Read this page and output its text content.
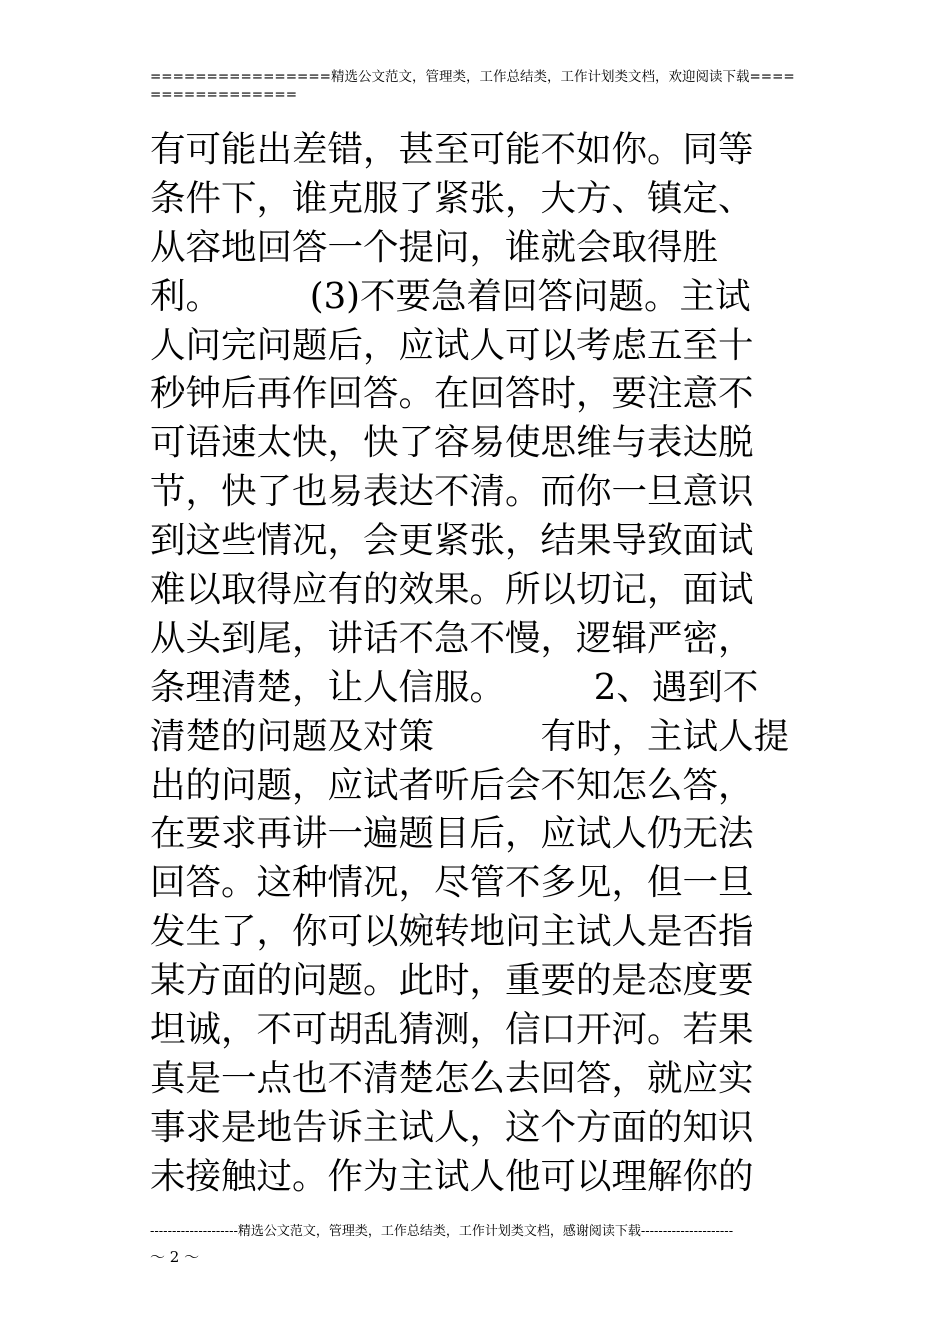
================精选公文范文，管理类，工作总结类，工作计划类文档，欢迎阅读下载=================
有可能出差错，甚至可能不如你。同等
条件下，谁克服了紧张，大方、镇定、
从容地回答一个提问，谁就会取得胜
利。　　　(3)不要急着回答问题。主试
人问完问题后，应试人可以考虑五至十
秒钟后再作回答。在回答时，要注意不
可语速太快，快了容易使思维与表达脱
节，快了也易表达不清。而你一旦意识
到这些情况，会更紧张，结果导致面试
难以取得应有的效果。所以切记，面试
从头到尾，讲话不急不慢，逻辑严密，
条理清楚，让人信服。　　　2、遇到不
清楚的问题及对策　　　有时，主试人提
出的问题，应试者听后会不知怎么答，
在要求再讲一遍题目后，应试人仍无法
回答。这种情况，尽管不多见，但一旦
发生了，你可以婉转地问主试人是否指
某方面的问题。此时，重要的是态度要
坦诚，不可胡乱猜测，信口开河。若果
真是一点也不清楚怎么去回答，就应实
事求是地告诉主试人，这个方面的知识
未接触过。作为主试人他可以理解你的
--------------------精选公文范文，管理类，工作总结类，工作计划类文档，感谢阅读下载---------------------
～ 2 ～
